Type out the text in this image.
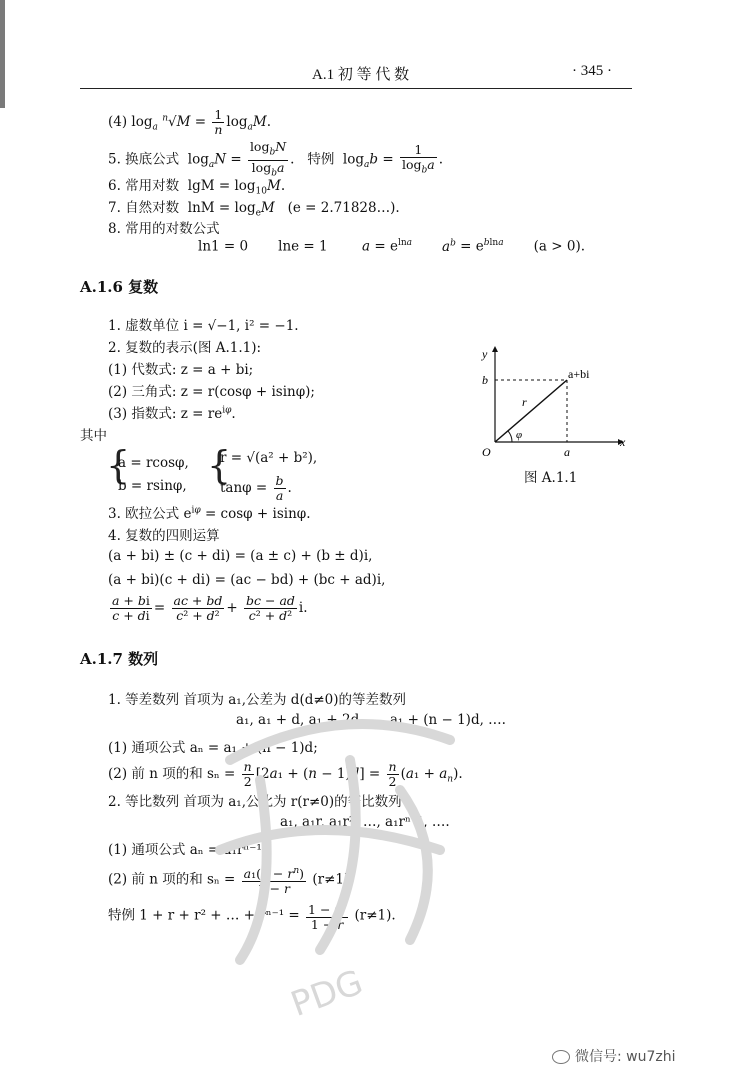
A.1 初 等 代 数	· 345 ·
(4) $\log_a ^n√M = \frac{1}{n} \log_aM$.
5. 换底公式  $\log_aN = \frac{\log_bN}{\log_ba}$ .   特例  $\log_ab = \frac{1}{\log_ba}$ .
6. 常用对数 $\lg M = \log_{10}M$.
7. 自然对数 $\ln M = \log_eM$ (e = 2.71828…).
8. 常用的对数公式
ln1 = 0 lne = 1	$a = e^{lna}$ $a^b = e^{blna}$ (a > 0).
A.1.6 复数
1. 虚数单位 i = √−1, i² = −1.
2. 复数的表示(图 A.1.1):
(1) 代数式: z = a + bi;
(2) 三角式: z = r(cosφ + isinφ);
(3) 指数式: $z = re^{i\varphi}$.
其中
{
a = rcosφ,
b = rsinφ, {
r = √(a² + b²),
$\tan\varphi = \frac{b}{a}$ .
3. 欧拉公式 $e^{i\varphi} = \cos\varphi + isin\varphi$.
4. 复数的四则运算
(a + bi) ± (c + di) = (a ± c) + (b ± d)i,
(a + bi)(c + di) = (ac − bd) + (bc + ad)i,
$\frac{a + bi}{c + di} = \frac{ac + bd}{\text{c² + d²}} + \frac{bc - ad}{\text{c² + d²}} i$.
y
x
b
a
O
r
φ
a+bi
图 A.1.1
A.1.7 数列
1. 等差数列 首项为 a₁,公差为 d(d≠0)的等差数列
a₁, a₁ + d, a₁ + 2d, …, a₁ + (n − 1)d, ….
(1) 通项公式 aₙ = a₁ + (n − 1)d;
(2) 前 n 项的和 $s_n = \frac{n}{2} [2a_1 + (n - 1)d] = \frac{n}{2} (a_1 + a_n)$.
2. 等比数列 首项为 a₁,公比为 r(r≠0)的等比数列
a₁, a₁r, a₁r², …, a₁rⁿ⁻¹, ….
(1) 通项公式 aₙ = a₁rⁿ⁻¹;
(2) 前 n 项的和 $s_n = \frac{a_1(1 - r^n)}{1 - r} (r\ne 1)$.
特例 1 + r + r² + … + $r^{n-1} = \frac{1 - r^n}{1 - r} (r\ne 1)$.
PDG
微信号: wu7zhi
